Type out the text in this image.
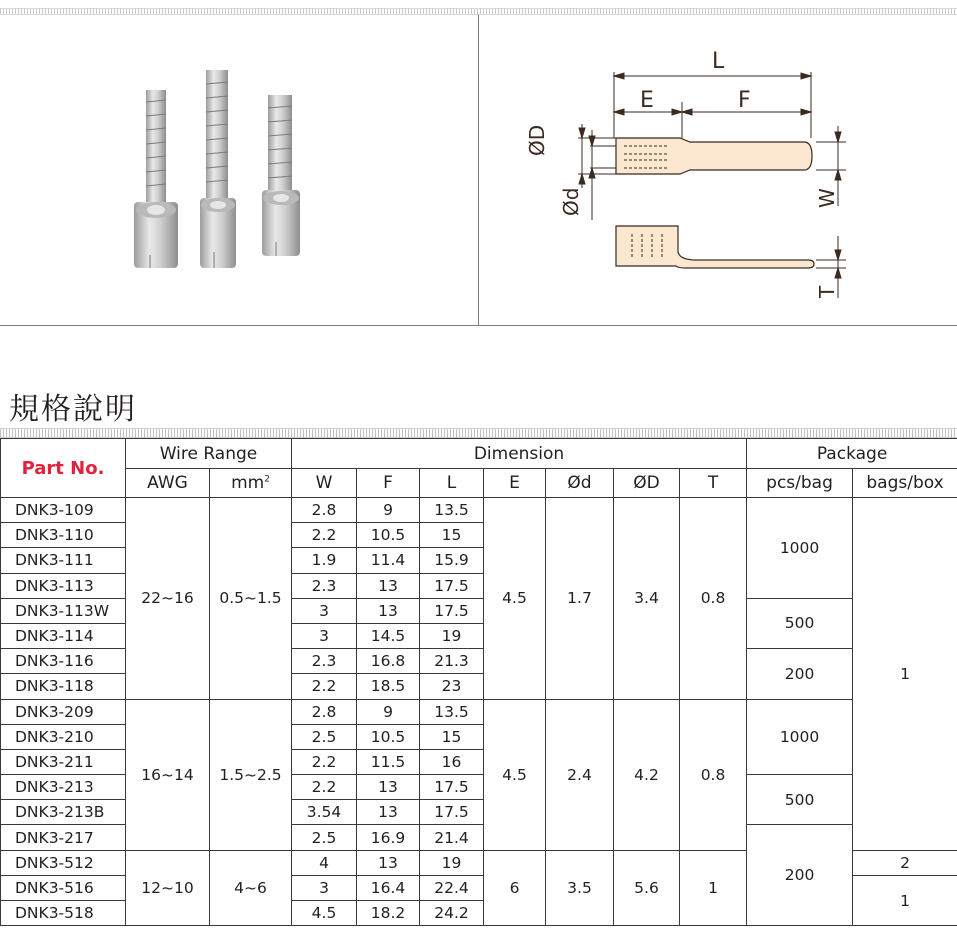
L
E	F
ØD
Ød	W
T
規格說明
Part No.	Wire Range		Dimension							Package	
	AWG	$mm^2$	W	F	L	E	Ød	ØD	T	pcs/bag	bags/box
DNK3-109	22~16	0.5~1.5	2.8	9	13.5	4.5	1.7	3.4	0.8	1000	1
DNK3-110			2.2	10.5	15						
DNK3-111			1.9	11.4	15.9						
DNK3-113			2.3	13	17.5						
DNK3-113W			3	13	17.5					500	
DNK3-114			3	14.5	19						
DNK3-116			2.3	16.8	21.3					200	
DNK3-118			2.2	18.5	23						
DNK3-209	16~14	1.5~2.5	2.8	9	13.5	4.5	2.4	4.2	0.8	1000	
DNK3-210			2.5	10.5	15						
DNK3-211			2.2	11.5	16						
DNK3-213			2.2	13	17.5					500	
DNK3-213B			3.54	13	17.5						
DNK3-217			2.5	16.9	21.4					200	
DNK3-512	12~10	4~6	4	13	19	6	3.5	5.6	1		2
DNK3-516			3	16.4	22.4						1
DNK3-518			4.5	18.2	24.2						
